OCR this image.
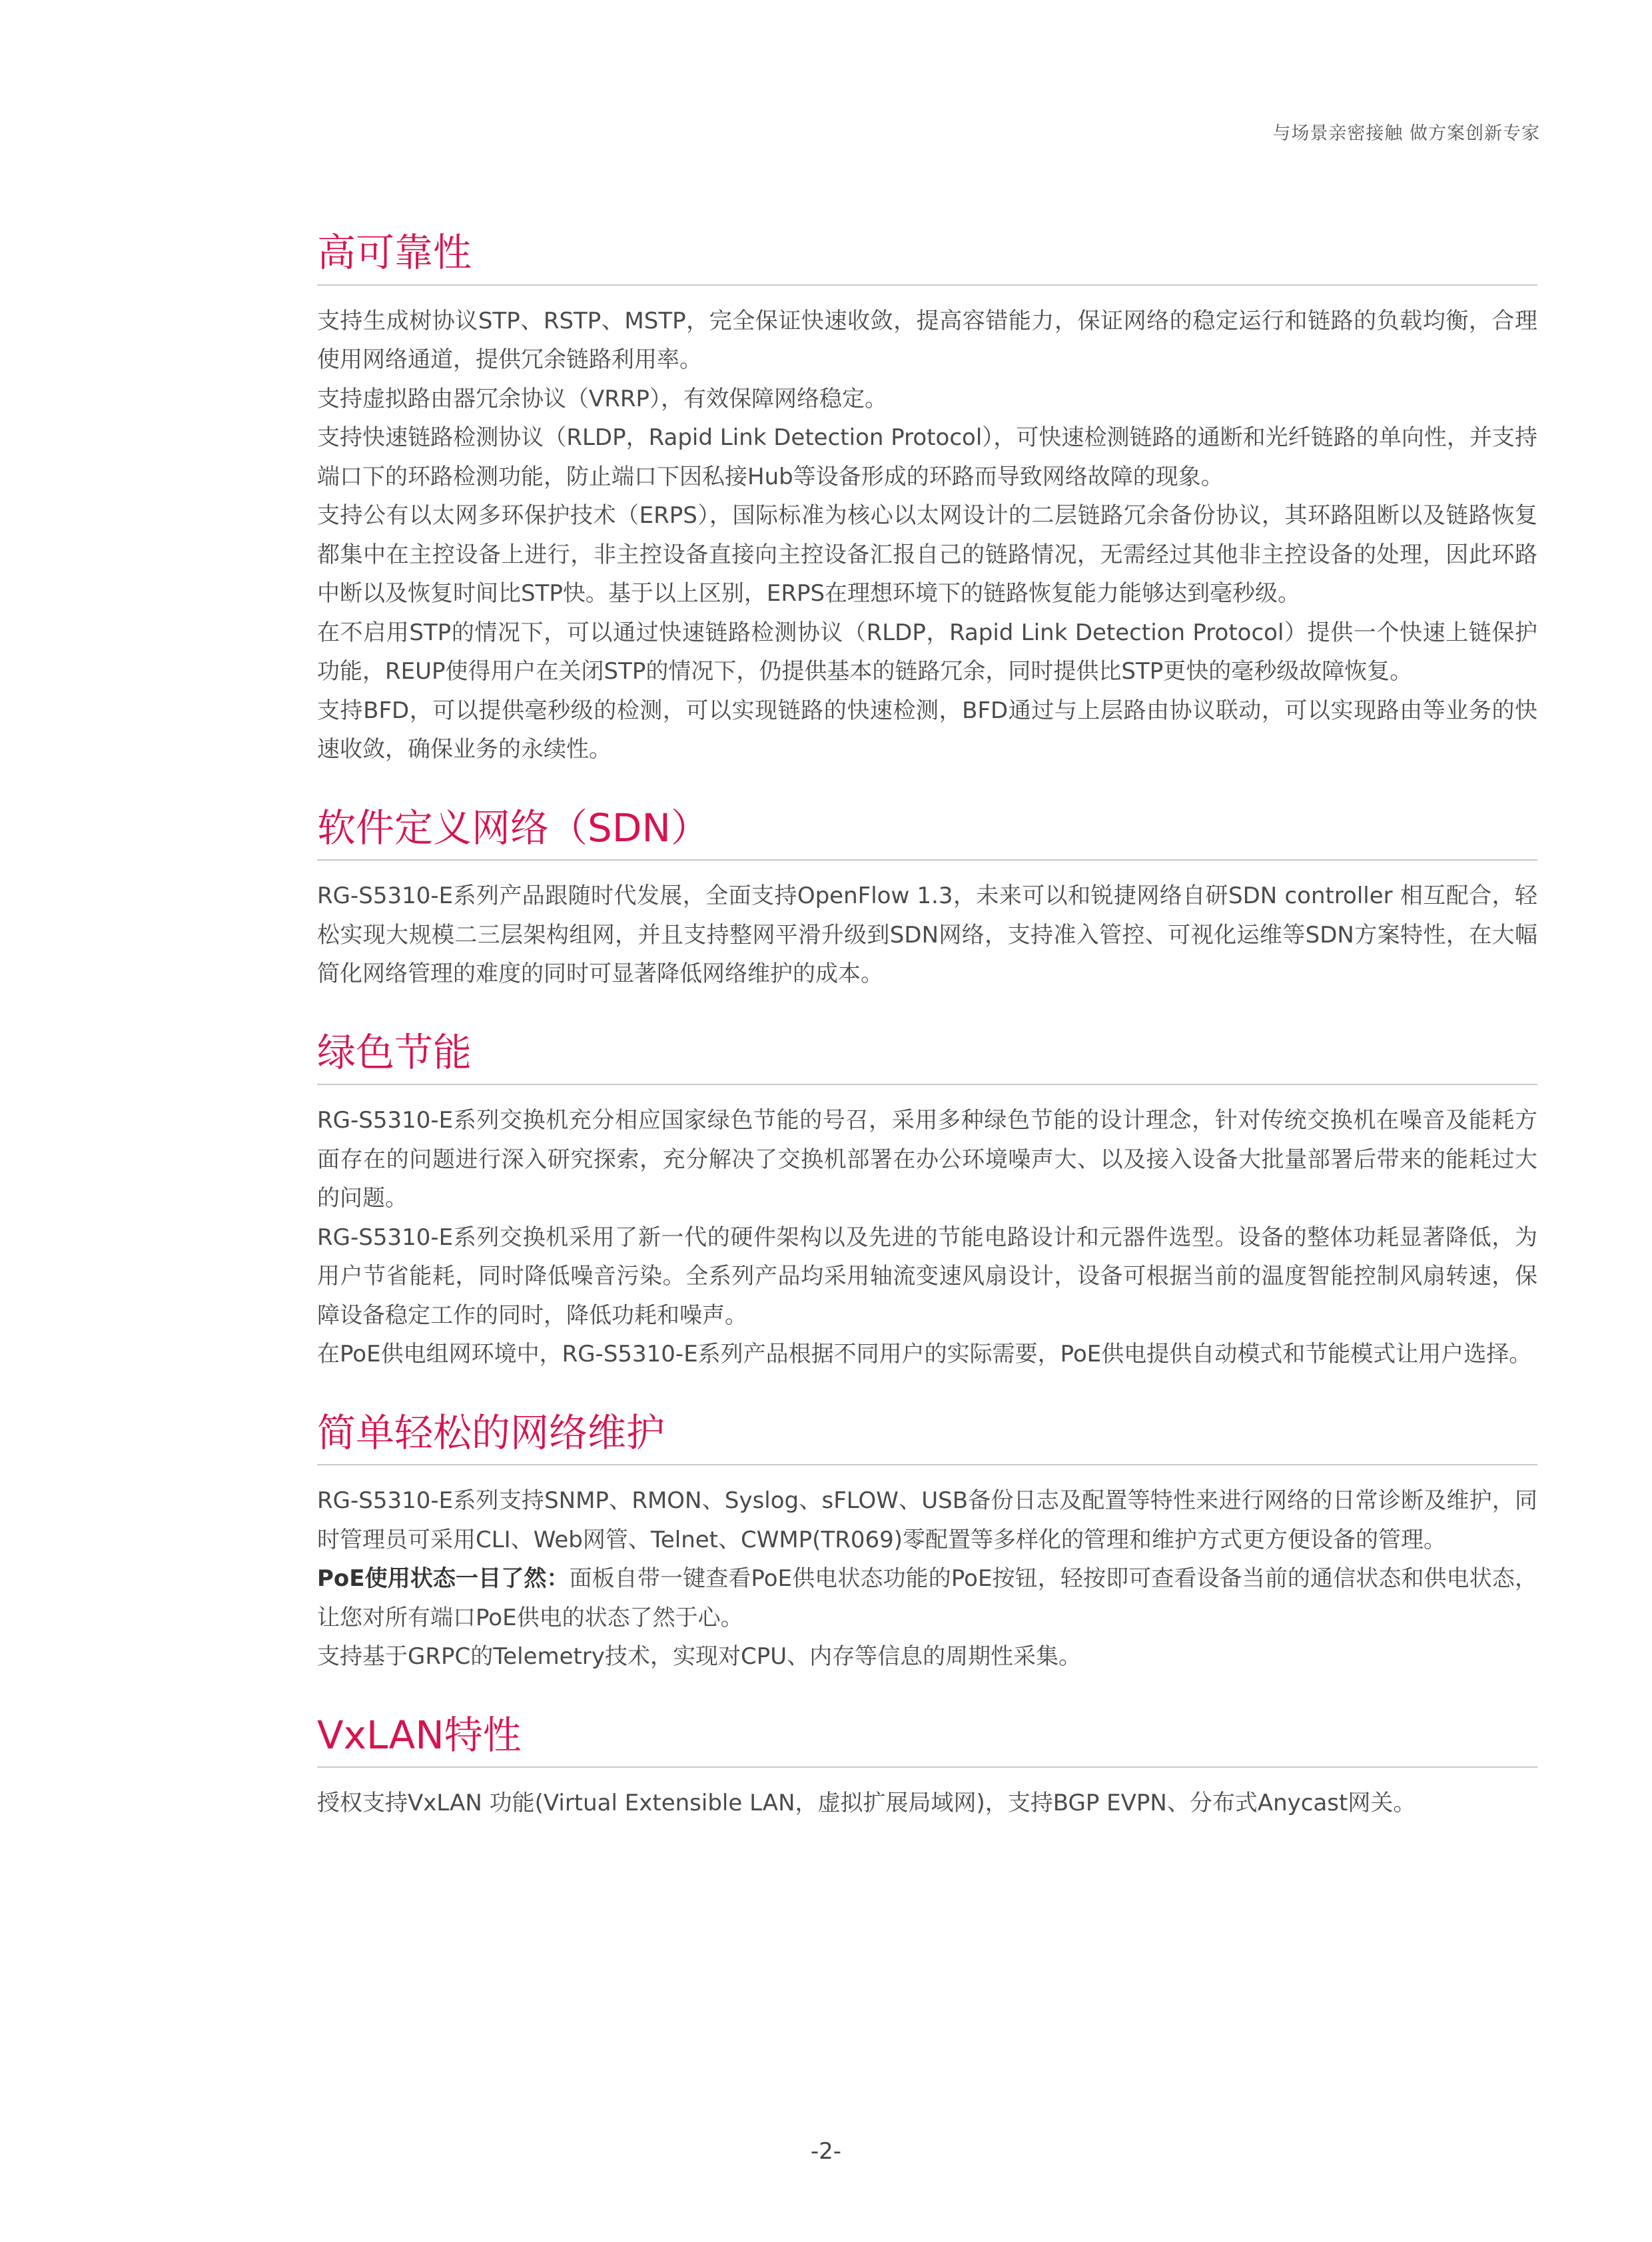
与场景亲密接触 做方案创新专家
高可靠性

支持生成树协议STP、RSTP、MSTP，完全保证快速收敛，提高容错能力，保证网络的稳定运行和链路的负载均衡，合理使用网络通道，提供冗余链路利用率。

支持虚拟路由器冗余协议（VRRP），有效保障网络稳定。

支持快速链路检测协议（RLDP，Rapid Link Detection Protocol），可快速检测链路的通断和光纤链路的单向性，并支持端口下的环路检测功能，防止端口下因私接Hub等设备形成的环路而导致网络故障的现象。

支持公有以太网多环保护技术（ERPS），国际标准为核心以太网设计的二层链路冗余备份协议，其环路阻断以及链路恢复都集中在主控设备上进行，非主控设备直接向主控设备汇报自己的链路情况，无需经过其他非主控设备的处理，因此环路中断以及恢复时间比STP快。基于以上区别，ERPS在理想环境下的链路恢复能力能够达到毫秒级。

在不启用STP的情况下，可以通过快速链路检测协议（RLDP，Rapid Link Detection Protocol）提供一个快速上链保护功能，REUP使得用户在关闭STP的情况下，仍提供基本的链路冗余，同时提供比STP更快的毫秒级故障恢复。

支持BFD，可以提供毫秒级的检测，可以实现链路的快速检测，BFD通过与上层路由协议联动，可以实现路由等业务的快速收敛，确保业务的永续性。

软件定义网络（SDN）

RG-S5310-E系列产品跟随时代发展，全面支持OpenFlow 1.3，未来可以和锐捷网络自研SDN controller 相互配合，轻松实现大规模二三层架构组网，并且支持整网平滑升级到SDN网络，支持准入管控、可视化运维等SDN方案特性，在大幅简化网络管理的难度的同时可显著降低网络维护的成本。

绿色节能

RG-S5310-E系列交换机充分相应国家绿色节能的号召，采用多种绿色节能的设计理念，针对传统交换机在噪音及能耗方面存在的问题进行深入研究探索，充分解决了交换机部署在办公环境噪声大、以及接入设备大批量部署后带来的能耗过大的问题。

RG-S5310-E系列交换机采用了新一代的硬件架构以及先进的节能电路设计和元器件选型。设备的整体功耗显著降低，为用户节省能耗，同时降低噪音污染。全系列产品均采用轴流变速风扇设计，设备可根据当前的温度智能控制风扇转速，保障设备稳定工作的同时，降低功耗和噪声。

在PoE供电组网环境中，RG-S5310-E系列产品根据不同用户的实际需要，PoE供电提供自动模式和节能模式让用户选择。

简单轻松的网络维护

RG-S5310-E系列支持SNMP、RMON、Syslog、sFLOW、USB备份日志及配置等特性来进行网络的日常诊断及维护，同时管理员可采用CLI、Web网管、Telnet、CWMP(TR069)零配置等多样化的管理和维护方式更方便设备的管理。

PoE使用状态一目了然：面板自带一键查看PoE供电状态功能的PoE按钮，轻按即可查看设备当前的通信状态和供电状态，让您对所有端口PoE供电的状态了然于心。

支持基于GRPC的Telemetry技术，实现对CPU、内存等信息的周期性采集。

VxLAN特性

授权支持VxLAN 功能(Virtual Extensible LAN，虚拟扩展局域网)，支持BGP EVPN、分布式Anycast网关。

-2-
